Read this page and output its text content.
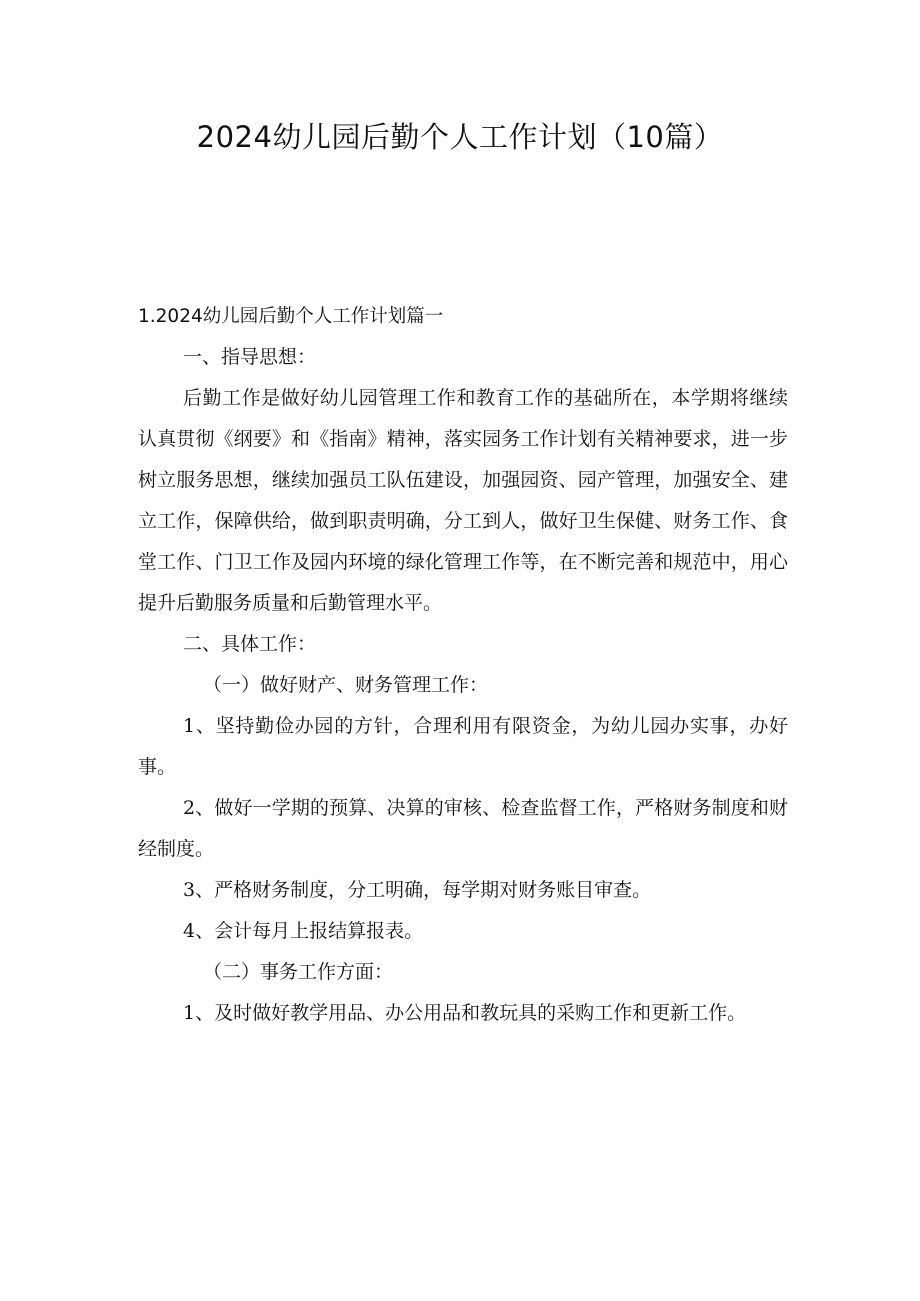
2024幼儿园后勤个人工作计划（10篇）

1.2024幼儿园后勤个人工作计划篇一

一、指导思想：

后勤工作是做好幼儿园管理工作和教育工作的基础所在，本学期将继续认真贯彻《纲要》和《指南》精神，落实园务工作计划有关精神要求，进一步树立服务思想，继续加强员工队伍建设，加强园资、园产管理，加强安全、建立工作，保障供给，做到职责明确，分工到人，做好卫生保健、财务工作、食堂工作、门卫工作及园内环境的绿化管理工作等，在不断完善和规范中，用心提升后勤服务质量和后勤管理水平。

二、具体工作：

（一）做好财产、财务管理工作：

1、坚持勤俭办园的方针，合理利用有限资金，为幼儿园办实事，办好事。

2、做好一学期的预算、决算的审核、检查监督工作，严格财务制度和财经制度。

3、严格财务制度，分工明确，每学期对财务账目审查。

4、会计每月上报结算报表。

（二）事务工作方面：

1、及时做好教学用品、办公用品和教玩具的采购工作和更新工作。
